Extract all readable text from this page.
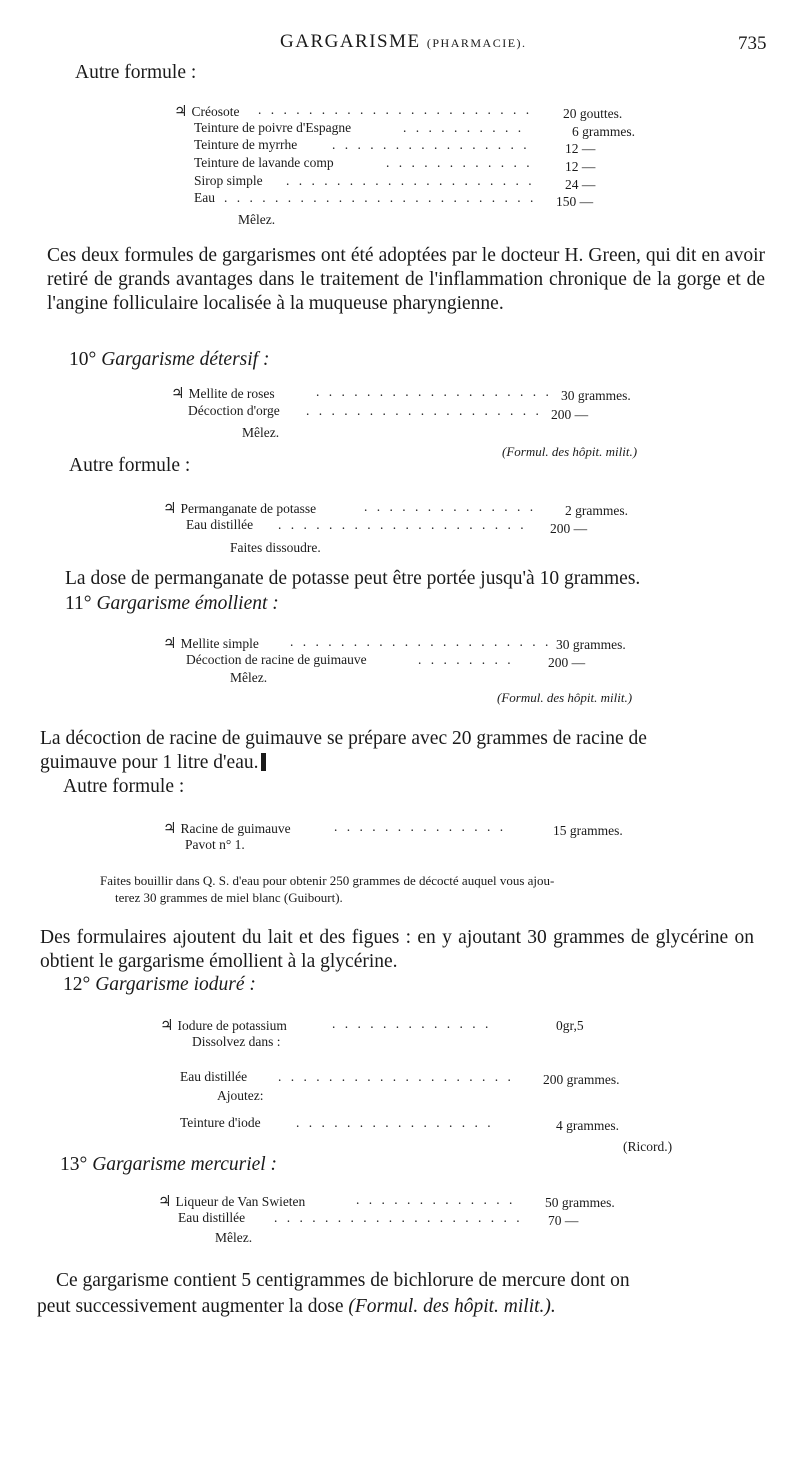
GARGARISME (PHARMACIE).	735
Autre formule :
♃ Créosote . . . . . . . . . . . . . . . . . . . . . . 20 gouttes.
Teinture de poivre d'Espagne	. . . . . . . . . .	6 grammes.
Teinture de myrrhe	. . . . . . . . . . . . . . . .	12 —
Teinture de lavande comp	. . . . . . . . . . . . 12 —
Sirop simple . . . . . . . . . . . . . . . . . . . . 24 —
Eau . . . . . . . . . . . . . . . . . . . . . . . . . 150 —
Mêlez.
Ces deux formules de gargarismes ont été adoptées par le docteur H. Green, qui dit en avoir retiré de grands avantages dans le traitement de l'inflammation chronique de la gorge et de l'angine folliculaire localisée à la muqueuse pharyngienne.
10° Gargarisme détersif :
♃ Mellite de roses	. . . . . . . . . . . . . . . . . . . 30 grammes.
Décoction d'orge . . . . . . . . . . . . . . . . . . . 200 —
Mêlez.
(Formul. des hôpit. milit.)
Autre formule :
♃ Permanganate de potasse	. . . . . . . . . . . . . . 2 grammes.
Eau distillée . . . . . . . . . . . . . . . . . . . . 200 —
Faites dissoudre.
La dose de permanganate de potasse peut être portée jusqu'à 10 grammes.
11° Gargarisme émollient :
♃ Mellite simple . . . . . . . . . . . . . . . . . . . . . 30 grammes.
Décoction de racine de guimauve	. . . . . . . .	200 —
Mêlez.
(Formul. des hôpit. milit.)
La décoction de racine de guimauve se prépare avec 20 grammes de racine de
guimauve pour 1 litre d'eau.
Autre formule :
♃ Racine de guimauve	. . . . . . . . . . . . . .	15 grammes.
Pavot n° 1.
Faites bouillir dans Q. S. d'eau pour obtenir 250 grammes de décocté auquel vous ajou-
terez 30 grammes de miel blanc (Guibourt).
Des formulaires ajoutent du lait et des figues : en y ajoutant 30 grammes de glycérine on obtient le gargarisme émollient à la glycérine.
12° Gargarisme ioduré :
♃ Iodure de potassium	. . . . . . . . . . . . .	0gr,5
Dissolvez dans :
Eau distillée . . . . . . . . . . . . . . . . . . . 200 grammes.
Ajoutez:
Teinture d'iode	. . . . . . . . . . . . . . . .	4 grammes.
(Ricord.)
13° Gargarisme mercuriel :
♃ Liqueur de Van Swieten	. . . . . . . . . . . . . 50 grammes.
Eau distillée . . . . . . . . . . . . . . . . . . . . 70 —
Mêlez.
Ce gargarisme contient 5 centigrammes de bichlorure de mercure dont on
peut successivement augmenter la dose (Formul. des hôpit. milit.).
